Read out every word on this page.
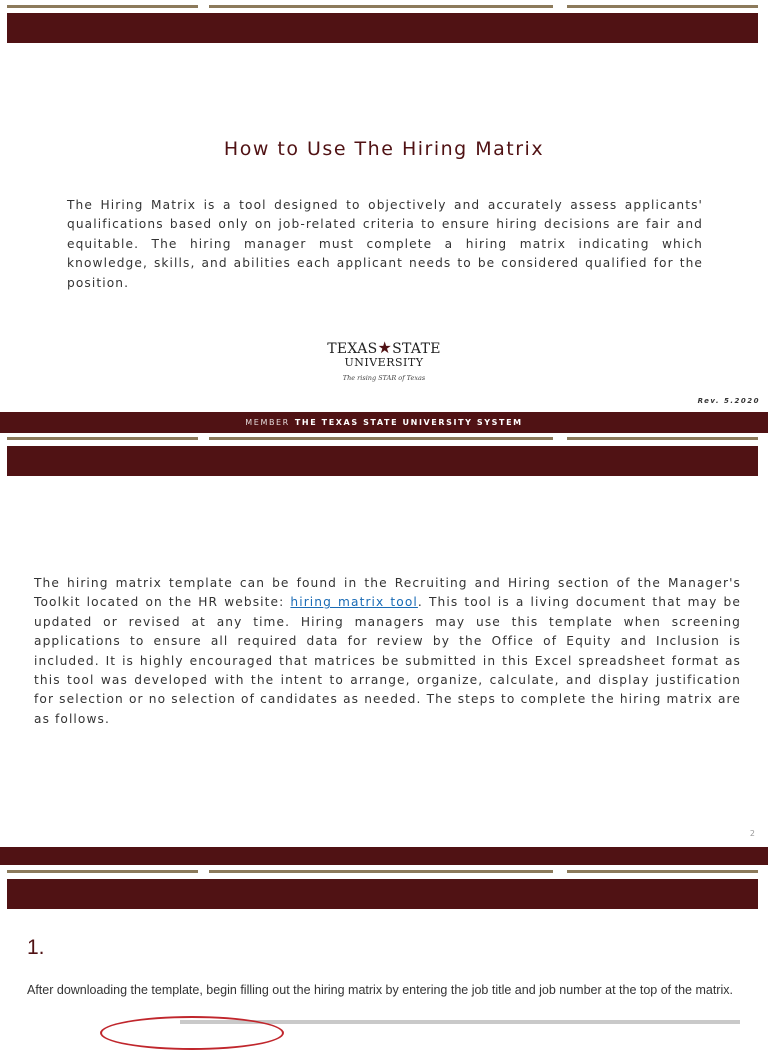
How to Use The Hiring Matrix
The Hiring Matrix is a tool designed to objectively and accurately assess applicants' qualifications based only on job-related criteria to ensure hiring decisions are fair and equitable. The hiring manager must complete a hiring matrix indicating which knowledge, skills, and abilities each applicant needs to be considered qualified for the position.
TEXAS★STATE
UNIVERSITY
The rising STAR of Texas
Rev. 5.2020
MEMBER THE TEXAS STATE UNIVERSITY SYSTEM
The hiring matrix template can be found in the Recruiting and Hiring section of the Manager's Toolkit located on the HR website: hiring matrix tool. This tool is a living document that may be updated or revised at any time. Hiring managers may use this template when screening applications to ensure all required data for review by the Office of Equity and Inclusion is included. It is highly encouraged that matrices be submitted in this Excel spreadsheet format as this tool was developed with the intent to arrange, organize, calculate, and display justification for selection or no selection of candidates as needed. The steps to complete the hiring matrix are as follows.
2
1.
After downloading the template, begin filling out the hiring matrix by entering the job title and job number at the top of the matrix.
